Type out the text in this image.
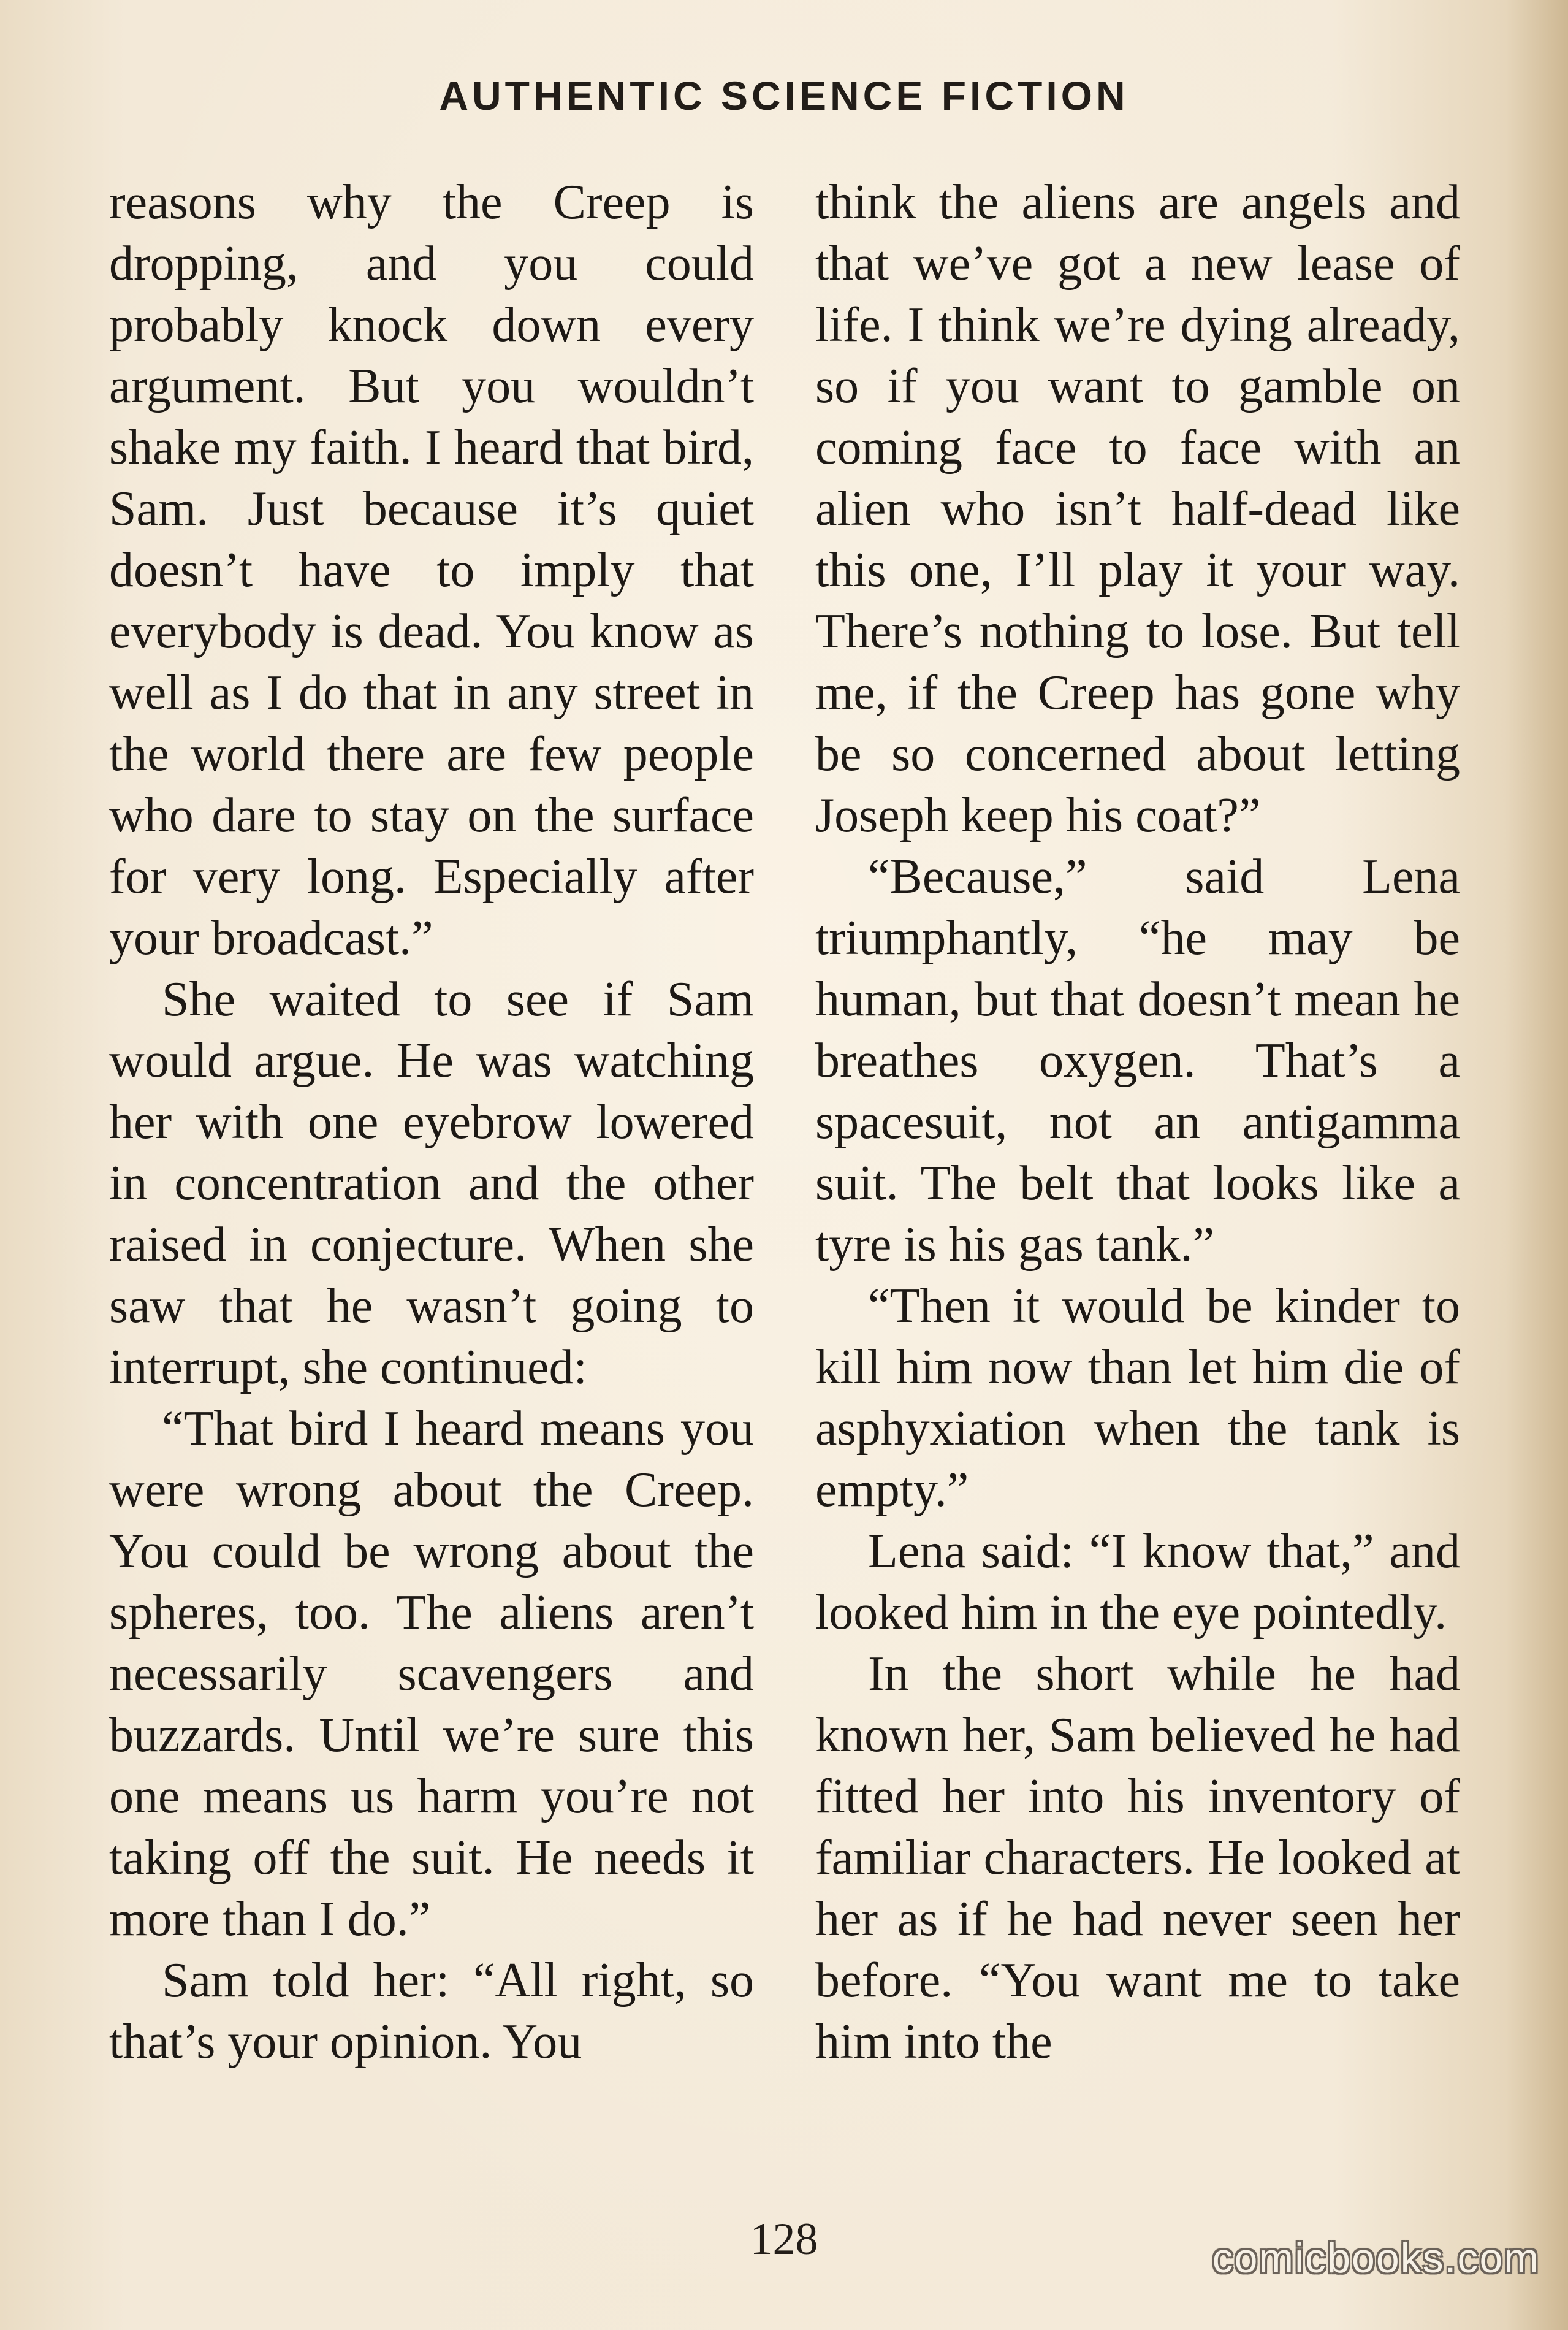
AUTHENTIC SCIENCE FICTION

reasons why the Creep is dropping, and you could probably knock down every argument. But you wouldn’t shake my faith. I heard that bird, Sam. Just because it’s quiet doesn’t have to imply that everybody is dead. You know as well as I do that in any street in the world there are few people who dare to stay on the surface for very long. Especially after your broadcast.”

She waited to see if Sam would argue. He was watching her with one eyebrow lowered in concentration and the other raised in conjecture. When she saw that he wasn’t going to interrupt, she continued:

“That bird I heard means you were wrong about the Creep. You could be wrong about the spheres, too. The aliens aren’t necessarily scavengers and buzzards. Until we’re sure this one means us harm you’re not taking off the suit. He needs it more than I do.”

Sam told her: “All right, so that’s your opinion. You

think the aliens are angels and that we’ve got a new lease of life. I think we’re dying already, so if you want to gamble on coming face to face with an alien who isn’t half-dead like this one, I’ll play it your way. There’s nothing to lose. But tell me, if the Creep has gone why be so concerned about letting Joseph keep his coat?”

“Because,” said Lena triumphantly, “he may be human, but that doesn’t mean he breathes oxygen. That’s a spacesuit, not an antigamma suit. The belt that looks like a tyre is his gas tank.”

“Then it would be kinder to kill him now than let him die of asphyxiation when the tank is empty.”

Lena said: “I know that,” and looked him in the eye pointedly.

In the short while he had known her, Sam believed he had fitted her into his inventory of familiar characters. He looked at her as if he had never seen her before. “You want me to take him into the

128	comicbooks.com
